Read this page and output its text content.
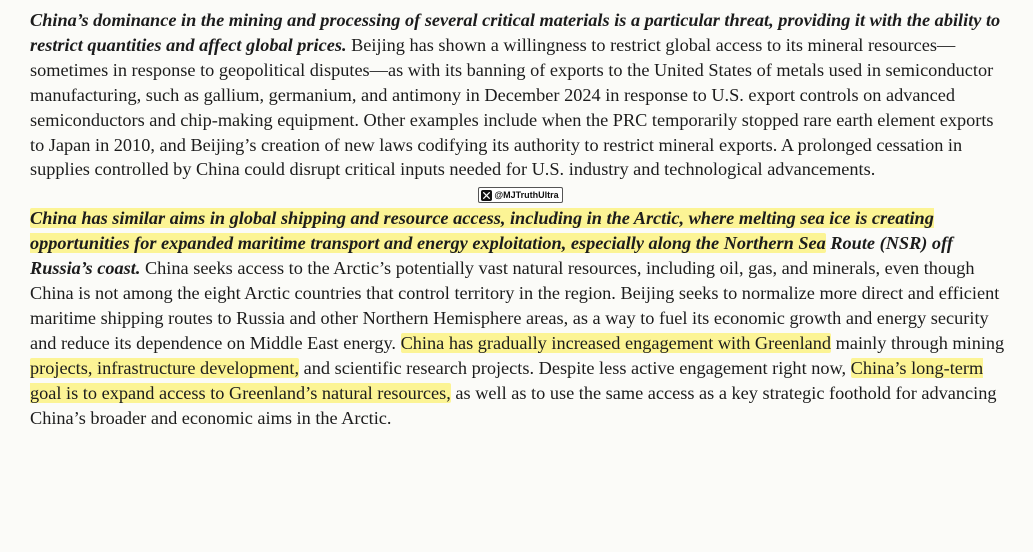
China’s dominance in the mining and processing of several critical materials is a particular threat, providing it with the ability to restrict quantities and affect global prices. Beijing has shown a willingness to restrict global access to its mineral resources—sometimes in response to geopolitical disputes—as with its banning of exports to the United States of metals used in semiconductor manufacturing, such as gallium, germanium, and antimony in December 2024 in response to U.S. export controls on advanced semiconductors and chip-making equipment. Other examples include when the PRC temporarily stopped rare earth element exports to Japan in 2010, and Beijing’s creation of new laws codifying its authority to restrict mineral exports. A prolonged cessation in supplies controlled by China could disrupt critical inputs needed for U.S. industry and technological advancements.

@MJTruthUltra

China has similar aims in global shipping and resource access, including in the Arctic, where melting sea ice is creating opportunities for expanded maritime transport and energy exploitation, especially along the Northern Sea Route (NSR) off Russia’s coast. China seeks access to the Arctic’s potentially vast natural resources, including oil, gas, and minerals, even though China is not among the eight Arctic countries that control territory in the region. Beijing seeks to normalize more direct and efficient maritime shipping routes to Russia and other Northern Hemisphere areas, as a way to fuel its economic growth and energy security and reduce its dependence on Middle East energy. China has gradually increased engagement with Greenland mainly through mining projects, infrastructure development, and scientific research projects. Despite less active engagement right now, China’s long-term goal is to expand access to Greenland’s natural resources, as well as to use the same access as a key strategic foothold for advancing China’s broader and economic aims in the Arctic.
